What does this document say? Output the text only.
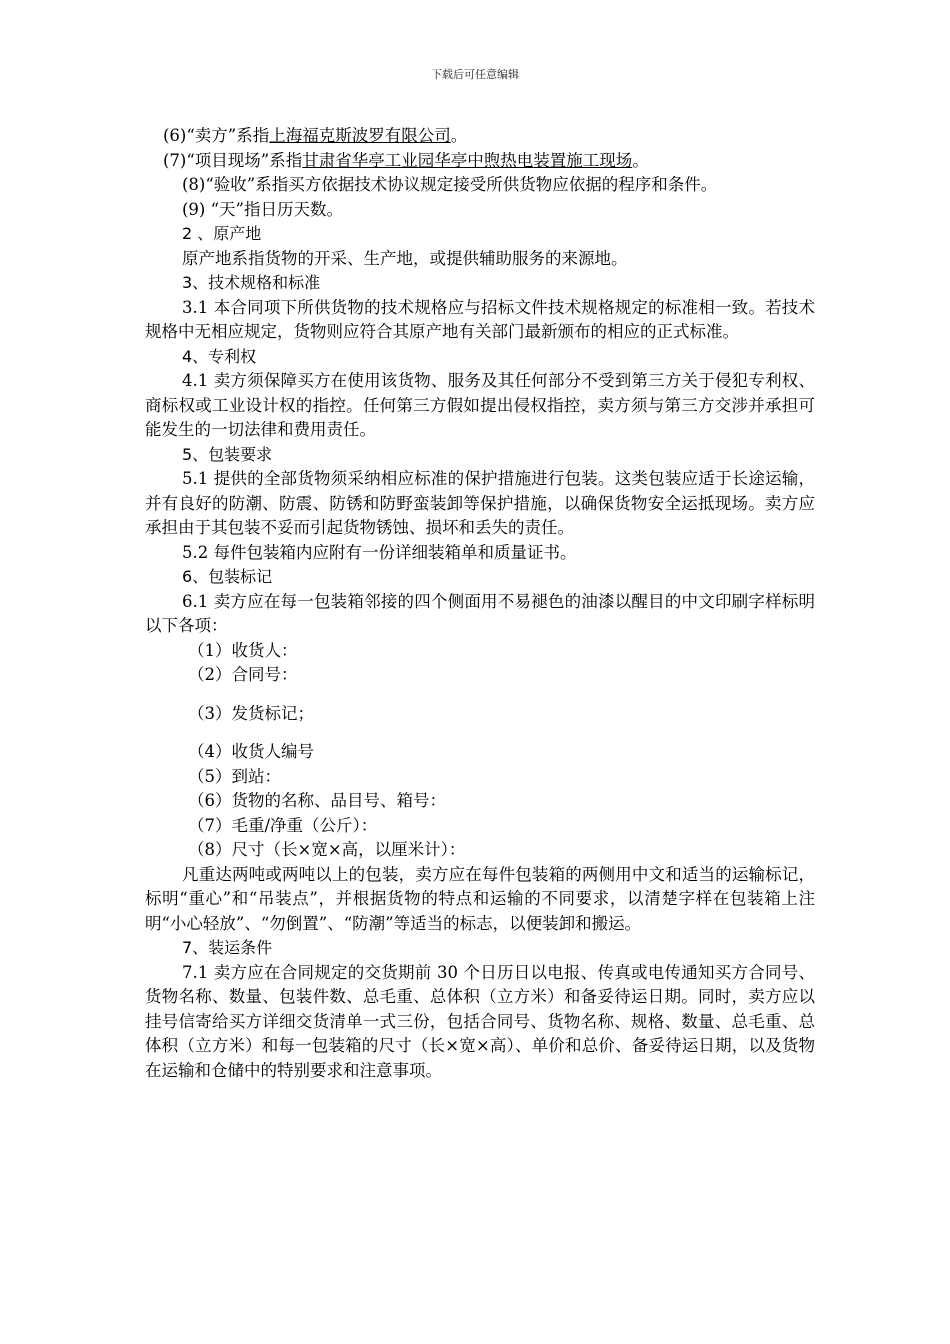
下载后可任意编辑

(6)“卖方”系指上海福克斯波罗有限公司。

(7)“项目现场”系指甘肃省华亭工业园华亭中煦热电装置施工现场。

(8)“验收”系指买方依据技术协议规定接受所供货物应依据的程序和条件。

(9) “天”指日历天数。

2 、原产地

原产地系指货物的开采、生产地，或提供辅助服务的来源地。

3、技术规格和标准

3.1 本合同项下所供货物的技术规格应与招标文件技术规格规定的标准相一致。若技术规格中无相应规定，货物则应符合其原产地有关部门最新颁布的相应的正式标准。

4、专利权

4.1 卖方须保障买方在使用该货物、服务及其任何部分不受到第三方关于侵犯专利权、商标权或工业设计权的指控。任何第三方假如提出侵权指控，卖方须与第三方交涉并承担可能发生的一切法律和费用责任。

5、包装要求

5.1 提供的全部货物须采纳相应标准的保护措施进行包装。这类包装应适于长途运输，并有良好的防潮、防震、防锈和防野蛮装卸等保护措施，以确保货物安全运抵现场。卖方应承担由于其包装不妥而引起货物锈蚀、损坏和丢失的责任。

5.2 每件包装箱内应附有一份详细装箱单和质量证书。

6、包装标记

6.1 卖方应在每一包装箱邻接的四个侧面用不易褪色的油漆以醒目的中文印刷字样标明以下各项：

（1）收货人：

（2）合同号：

（3）发货标记；

（4）收货人编号

（5）到站：

（6）货物的名称、品目号、箱号：

（7）毛重/净重（公斤）：

（8）尺寸（长×宽×高，以厘米计）：

凡重达两吨或两吨以上的包装，卖方应在每件包装箱的两侧用中文和适当的运输标记，标明“重心”和“吊装点”，并根据货物的特点和运输的不同要求，以清楚字样在包装箱上注明“小心轻放”、“勿倒置”、“防潮”等适当的标志，以便装卸和搬运。

7、装运条件

7.1 卖方应在合同规定的交货期前 30 个日历日以电报、传真或电传通知买方合同号、货物名称、数量、包装件数、总毛重、总体积（立方米）和备妥待运日期。同时，卖方应以挂号信寄给买方详细交货清单一式三份，包括合同号、货物名称、规格、数量、总毛重、总体积（立方米）和每一包装箱的尺寸（长×宽×高）、单价和总价、备妥待运日期，以及货物在运输和仓储中的特别要求和注意事项。
